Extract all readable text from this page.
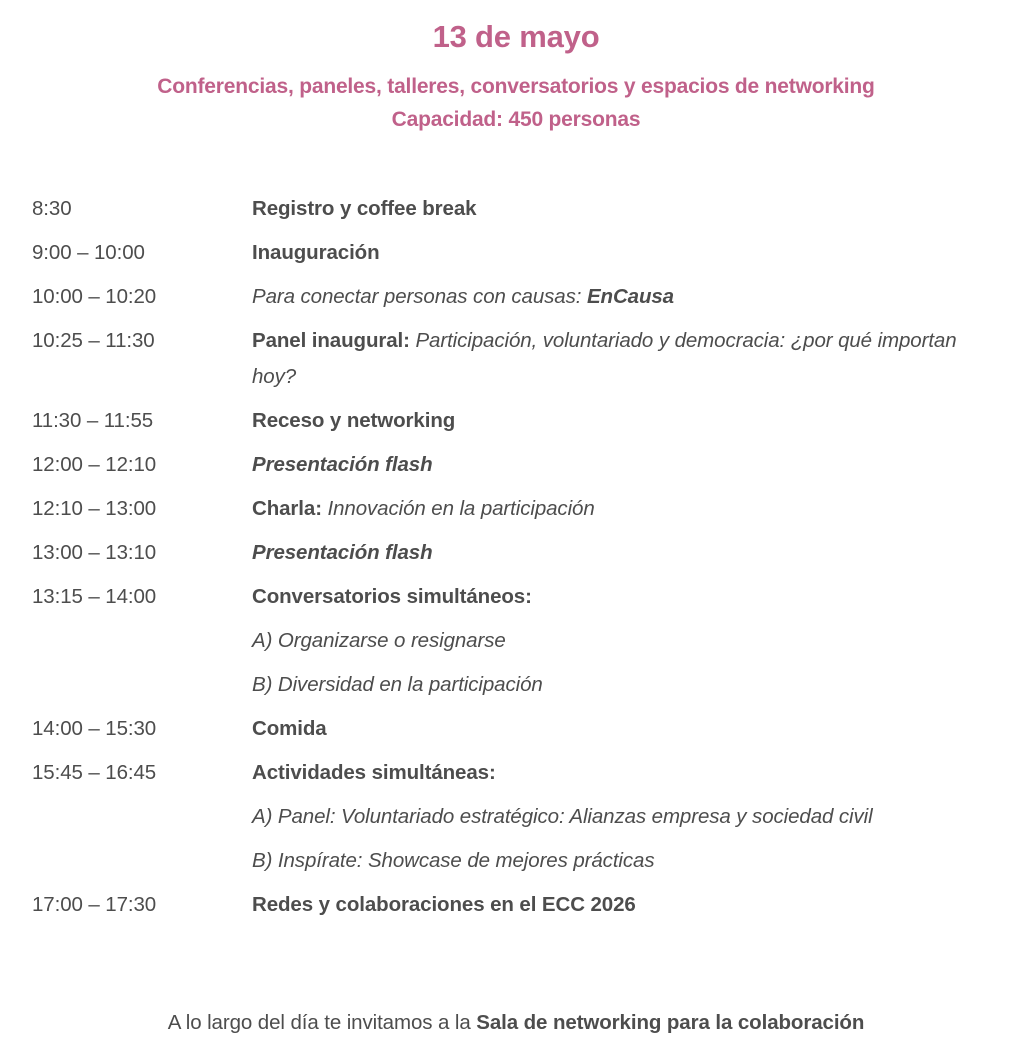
13 de mayo

Conferencias, paneles, talleres, conversatorios y espacios de networking

Capacidad: 450 personas

8:30	Registro y coffee break
9:00 – 10:00	Inauguración
10:00 – 10:20	Para conectar personas con causas: EnCausa
10:25 – 11:30	Panel inaugural: Participación, voluntariado y democracia: ¿por qué importan hoy?
11:30 – 11:55	Receso y networking
12:00 – 12:10	Presentación flash
12:10 – 13:00	Charla: Innovación en la participación
13:00 – 13:10	Presentación flash
13:15 – 14:00	Conversatorios simultáneos:
A) Organizarse o resignarse
B) Diversidad en la participación
14:00 – 15:30	Comida
15:45 – 16:45	Actividades simultáneas:
A) Panel: Voluntariado estratégico: Alianzas empresa y sociedad civil
B) Inspírate: Showcase de mejores prácticas
17:00 – 17:30	Redes y colaboraciones en el ECC 2026
A lo largo del día te invitamos a la Sala de networking para la colaboración
